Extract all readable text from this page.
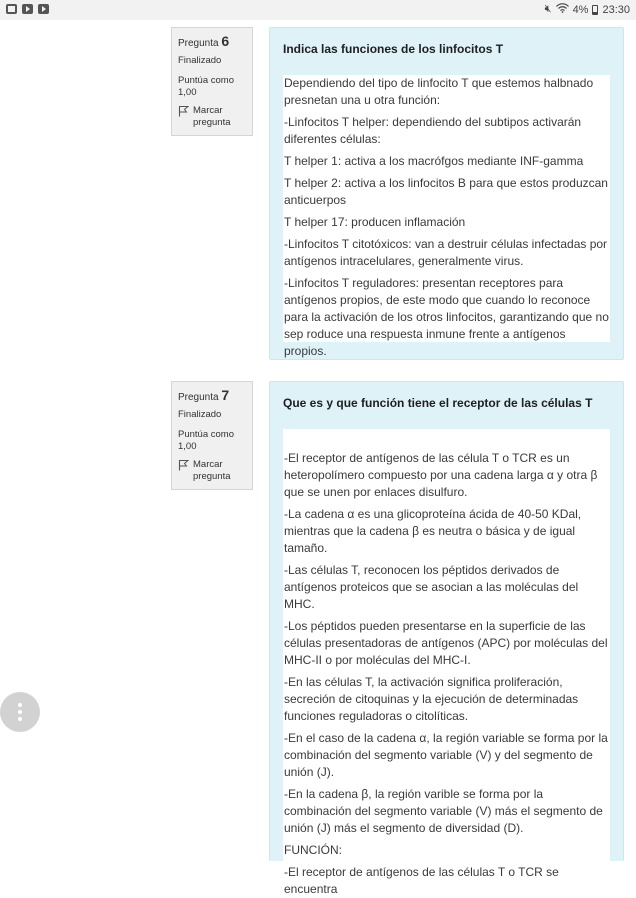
🔇︎ 4% 23:30
Pregunta 6
Finalizado
Puntúa como 1,00
Marcar pregunta
Indica las funciones de los linfocitos T

Dependiendo del tipo de linfocito T que estemos halbnado presnetan una u otra función:

-Linfocitos T helper: dependiendo del subtipos activarán diferentes células:

T helper 1: activa a los macrófgos mediante INF-gamma

T helper 2: activa a los linfocitos B para que estos produzcan anticuerpos

T helper 17: producen inflamación

-Linfocitos T citotóxicos: van a destruir células infectadas por antígenos intracelulares, generalmente virus.

-Linfocitos T reguladores: presentan receptores para antígenos propios, de este modo que cuando lo reconoce para la activación de los otros linfocitos, garantizando que no sep roduce una respuesta inmune frente a antígenos propios.

Pregunta 7
Finalizado
Puntúa como 1,00
Marcar pregunta
Que es y que función tiene el receptor de las células T

-El receptor de antígenos de las célula T o TCR es un heteropolímero compuesto por una cadena larga α y otra β que se unen por enlaces disulfuro.

-La cadena α es una glicoproteína ácida de 40-50 KDal, mientras que la cadena β es neutra o básica y de igual tamaño.

-Las células T, reconocen los péptidos derivados de antígenos proteicos que se asocian a las moléculas del MHC.

-Los péptidos pueden presentarse en la superficie de las células presentadoras de antígenos (APC) por moléculas del MHC-II o por moléculas del MHC-I.

-En las células T, la activación significa proliferación, secreción de citoquinas y la ejecución de determinadas funciones reguladoras o citolíticas.

-En el caso de la cadena α, la región variable se forma por la combinación del segmento variable (V) y del segmento de unión (J).

-En la cadena β, la región varible se forma por la combinación del segmento variable (V) más el segmento de unión (J) más el segmento de diversidad (D).

FUNCIÓN:

-El receptor de antígenos de las células T o TCR se encuentra
